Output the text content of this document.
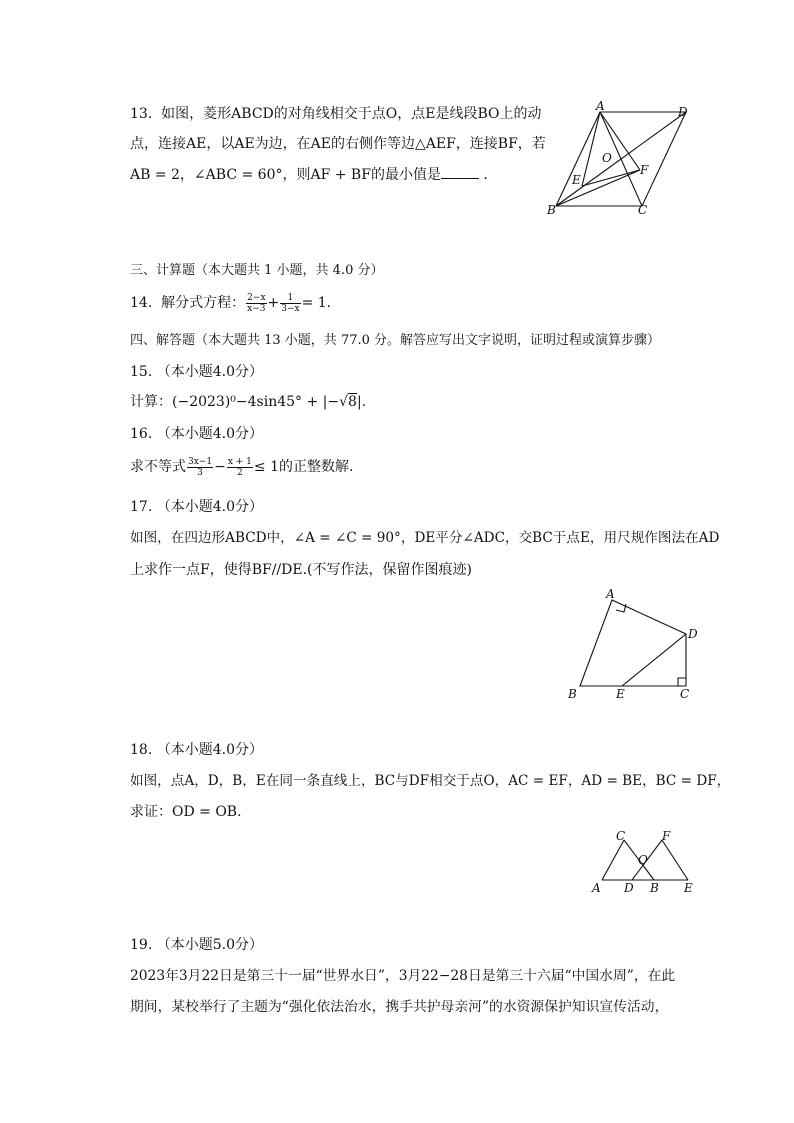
13. 如图，菱形ABCD的对角线相交于点O，点E是线段BO上的动
点，连接AE，以AE为边，在AE的右侧作等边△AEF，连接BF，若
AB = 2，∠ABC = 60°，则AF + BF的最小值是	．
A	D
O
E
F
B	C
三、计算题（本大题共 1 小题，共 4.0 分）
14. 解分式方程： $\frac{2-x}{x-3} + \frac{1}{3-x} = 1$．
四、解答题（本大题共 13 小题，共 77.0 分。解答应写出文字说明，证明过程或演算步骤）
15. （本小题4.0分）
计算：(−2023)⁰−4sin45° + |−√8|.
16. （本小题4.0分）
求不等式 $\frac{3x-1}{3} - \frac{x + 1}{2} \le 1$的正整数解．
17. （本小题4.0分）
如图，在四边形ABCD中，∠A = ∠C = 90°，DE平分∠ADC，交BC于点E，用尺规作图法在AD
上求作一点F，使得BF//DE.(不写作法，保留作图痕迹)
A
D
B	E	C
18. （本小题4.0分）
如图，点A，D，B，E在同一条直线上，BC与DF相交于点O，AC = EF，AD = BE，BC = DF，
求证：OD = OB．
C	F
O
A D B E
19. （本小题5.0分）
2023年3月22日是第三十一届“世界水日”，3月22−28日是第三十六届“中国水周”，在此
期间，某校举行了主题为“强化依法治水，携手共护母亲河”的水资源保护知识宣传活动，
